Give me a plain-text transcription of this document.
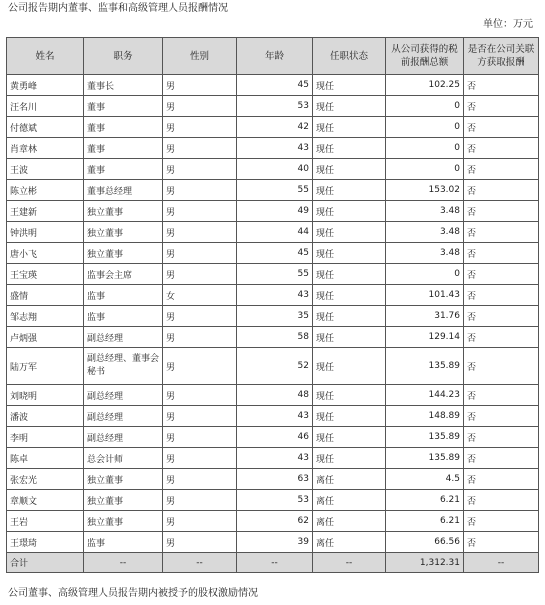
公司报告期内董事、监事和高级管理人员报酬情况
单位：万元
姓名	职务	性别	年龄	任职状态	从公司获得的税前报酬总额	是否在公司关联方获取报酬
黄勇峰	董事长	男	45	现任	102.25	否
汪名川	董事	男	53	现任	0	否
付德斌	董事	男	42	现任	0	否
肖章林	董事	男	43	现任	0	否
王波	董事	男	40	现任	0	否
陈立彬	董事总经理	男	55	现任	153.02	否
王建新	独立董事	男	49	现任	3.48	否
钟洪明	独立董事	男	44	现任	3.48	否
唐小飞	独立董事	男	45	现任	3.48	否
王宝瑛	监事会主席	男	55	现任	0	否
盛情	监事	女	43	现任	101.43	否
邹志翔	监事	男	35	现任	31.76	否
卢炳强	副总经理	男	58	现任	129.14	否
陆万军	副总经理、董事会秘书	男	52	现任	135.89	否
刘晓明	副总经理	男	48	现任	144.23	否
潘波	副总经理	男	43	现任	148.89	否
李明	副总经理	男	46	现任	135.89	否
陈卓	总会计师	男	43	现任	135.89	否
张宏光	独立董事	男	63	离任	4.5	否
章顺文	独立董事	男	53	离任	6.21	否
王岩	独立董事	男	62	离任	6.21	否
王璟琦	监事	男	39	离任	66.56	否
合计	--	--	--	--	1,312.31	--
公司董事、高级管理人员报告期内被授予的股权激励情况
